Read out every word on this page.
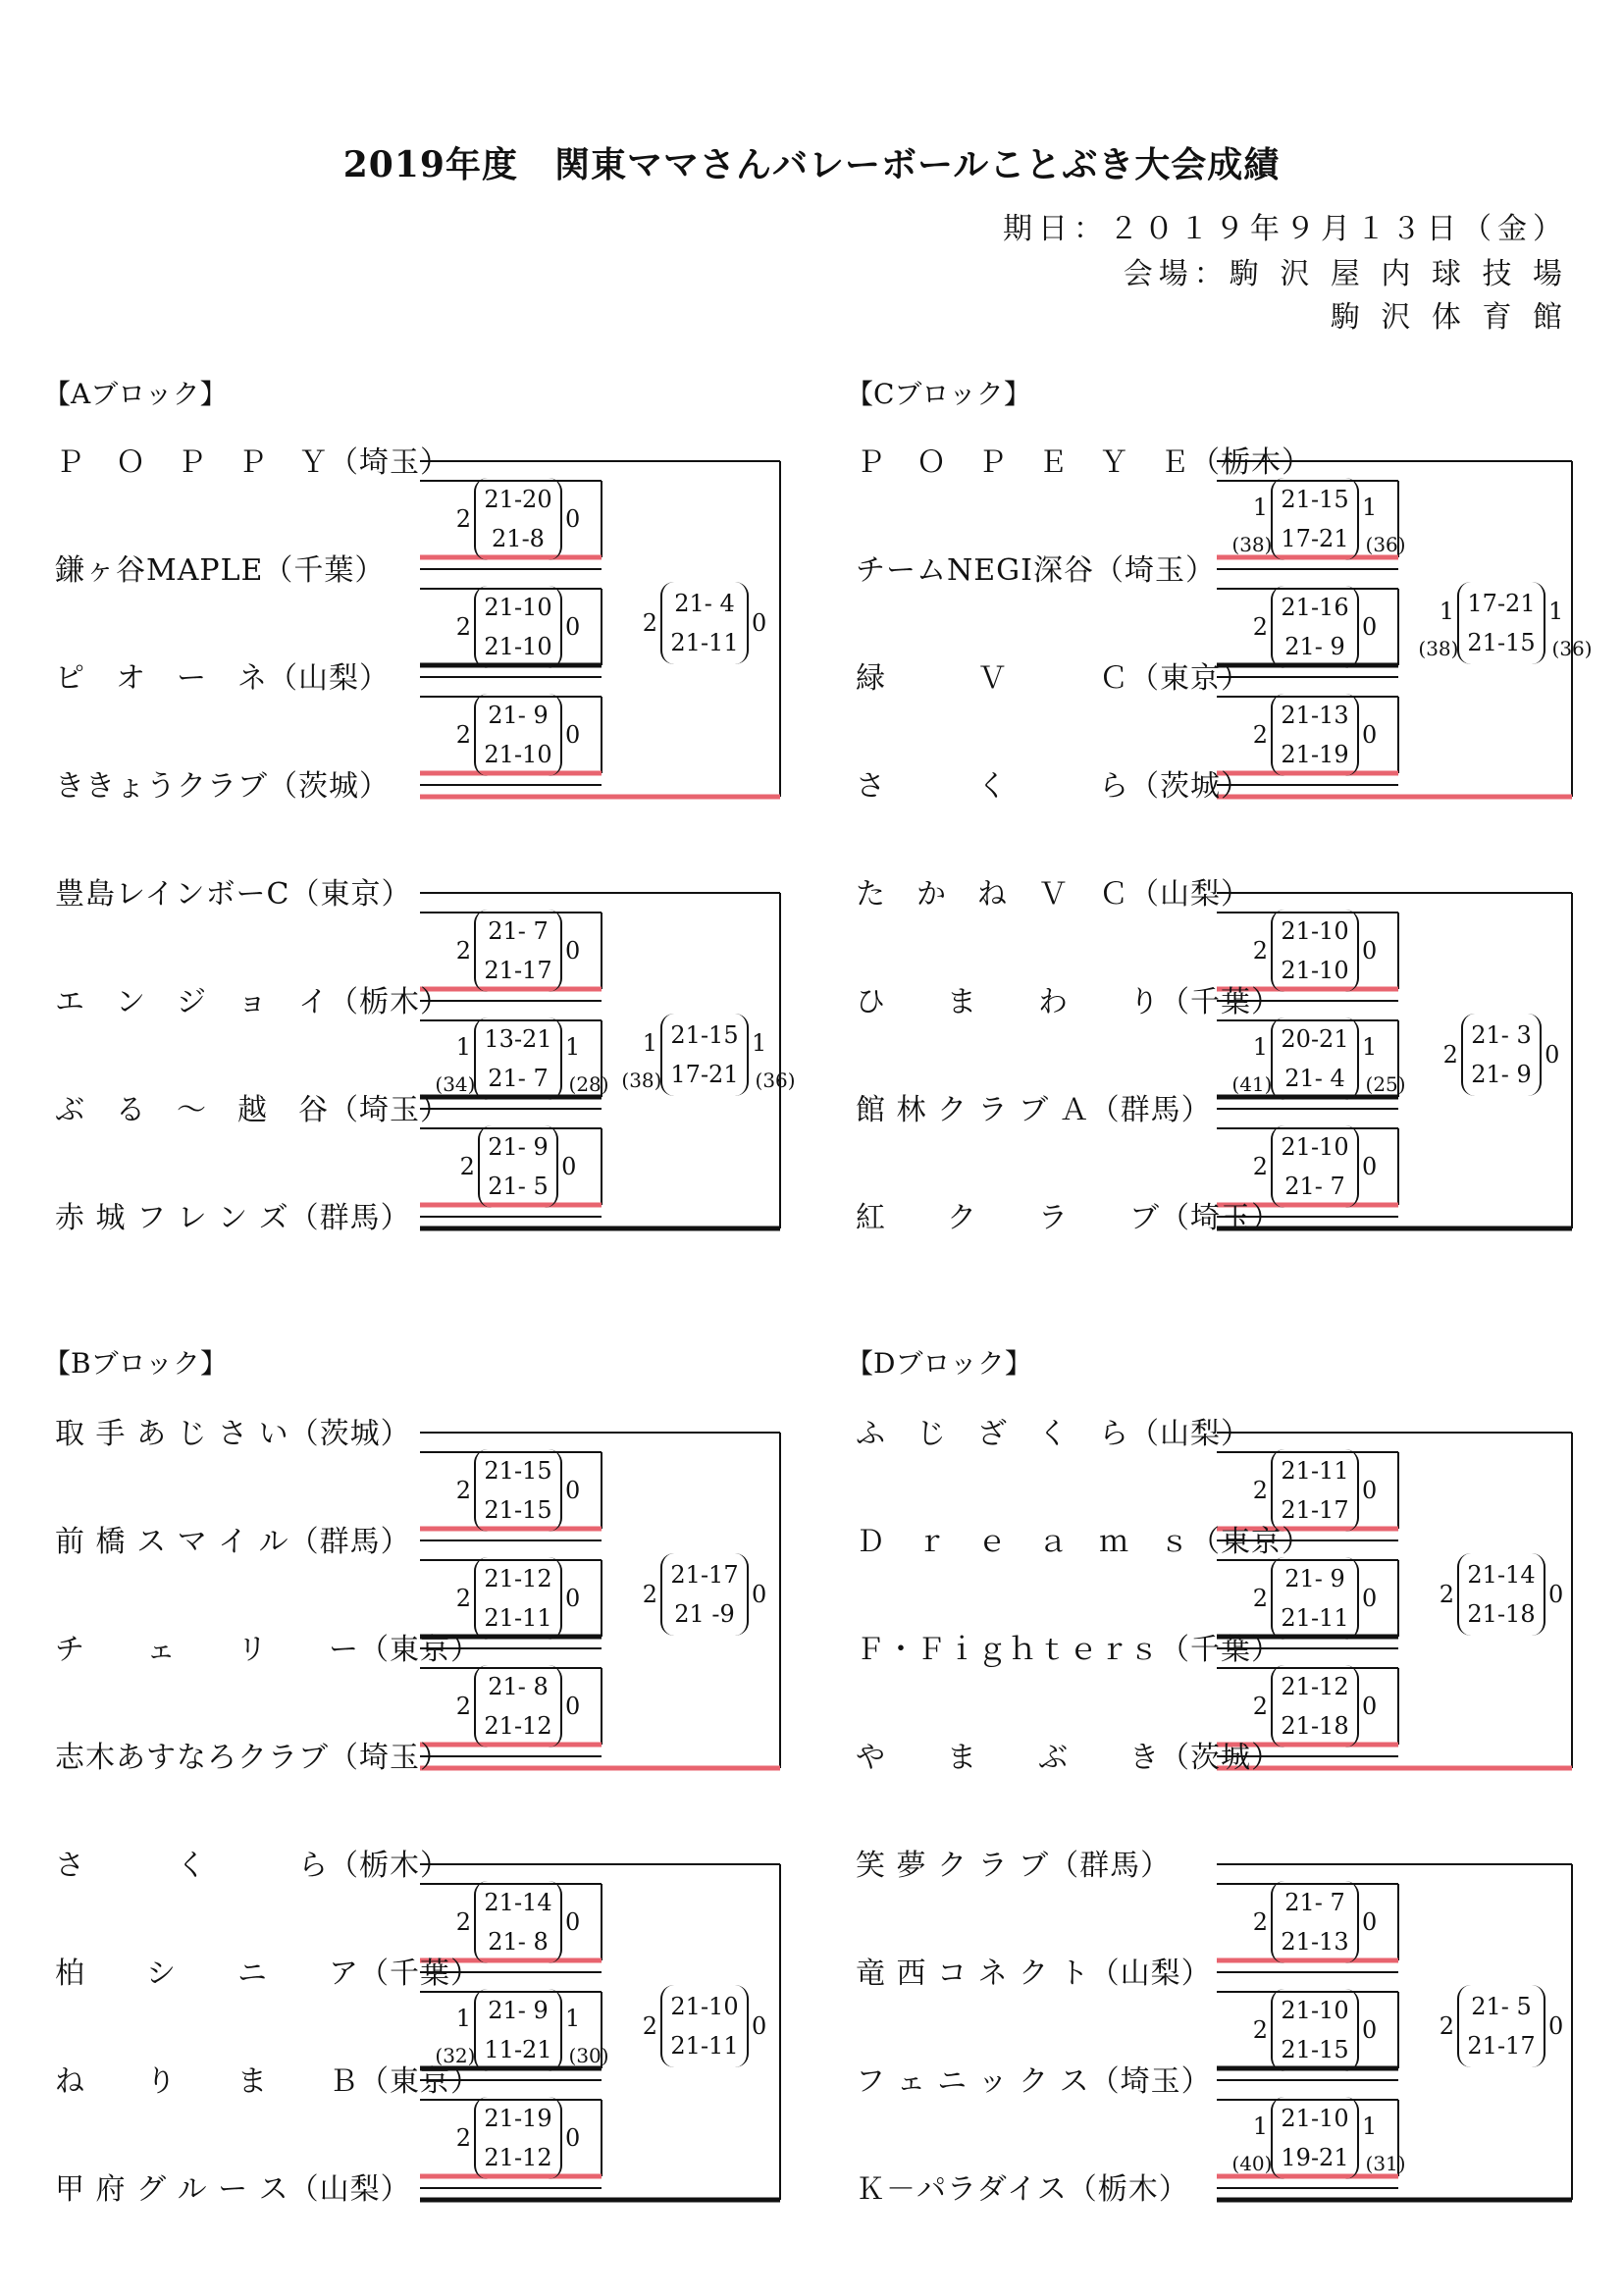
2019年度　関東ママさんバレーボールことぶき大会成績
期日：２０１９年９月１３日（金）
会場：駒 沢 屋 内 球 技 場
駒 沢 体 育 館
【Aブロック】
Ｐ　Ｏ　Ｐ　Ｐ　Ｙ（埼玉）
鎌ヶ谷MAPLE（千葉）
ピ　オ　ー　ネ（山梨）
ききょうクラブ（茨城）
豊島レインボーC（東京）
エ　ン　ジ　ョ　イ（栃木）
ぶ　る　～　越　谷（埼玉）
赤 城 フ レ ン ズ（群馬）
2
21-20
21-8
0
2
21-10
21-10
0
2
21- 9
21-10
0
2
21- 4
21-11
0
2
21- 7
21-17
0
1 13-21
21- 7
1
(34)	(28)
2
21- 9
21- 5
0
1 21-15
17-21
1
(38)	(36)
【Cブロック】
Ｐ　Ｏ　Ｐ　Ｅ　Ｙ　Ｅ（栃木）
チームNEGI深谷（埼玉）
緑　　　Ｖ　　　Ｃ（東京）
さ　　　く　　　ら（茨城）
た　か　ね　Ｖ　Ｃ（山梨）
ひ　　ま　　わ　　り（千葉）
館 林 ク ラ ブ Ａ（群馬）
紅　　ク　　ラ　　ブ（埼玉）
1 21-15
17-21
1
(38)	(36)
2
21-16
21- 9
0
2
21-13
21-19
0
1 17-21
21-15
1
(38)	(36)
2
21-10
21-10
0
1 20-21
21- 4
1
(41)	(25)
2
21-10
21- 7
0
2
21- 3
21- 9
0
【Bブロック】
取 手 あ じ さ い（茨城）
前 橋 ス マ イ ル（群馬）
チ　　ェ　　リ　　ー（東京）
志木あすなろクラブ（埼玉）
さ　　　く　　　ら（栃木）
柏　　シ　　ニ　　ア（千葉）
ね　　り　　ま　　Ｂ（東京）
甲 府 グ ル ー ス（山梨）
2
21-15
21-15
0
2
21-12
21-11
0
2
21- 8
21-12
0
2
21-17
21 -9
0
2
21-14
21- 8
0
1 21- 9
11-21
1
(32)	(30)
2
21-19
21-12
0
2
21-10
21-11
0
【Dブロック】
ふ　じ　ざ　く　ら（山梨）
Ｄ　ｒ　ｅ　ａ　ｍ　ｓ（東京）
Ｆ・Ｆｉｇｈｔｅｒｓ（千葉）
や　　ま　　ぶ　　き（茨城）
笑 夢 ク ラ ブ（群馬）
竜 西 コ ネ ク ト（山梨）
フ ェ ニ ッ ク ス（埼玉）
Ｋ－パラダイス（栃木）
2
21-11
21-17
0
2
21- 9
21-11
0
2
21-12
21-18
0
2
21-14
21-18
0
2
21- 7
21-13
0
2
21-10
21-15
0
1 21-10
19-21
1
(40)	(31)
2
21- 5
21-17
0
